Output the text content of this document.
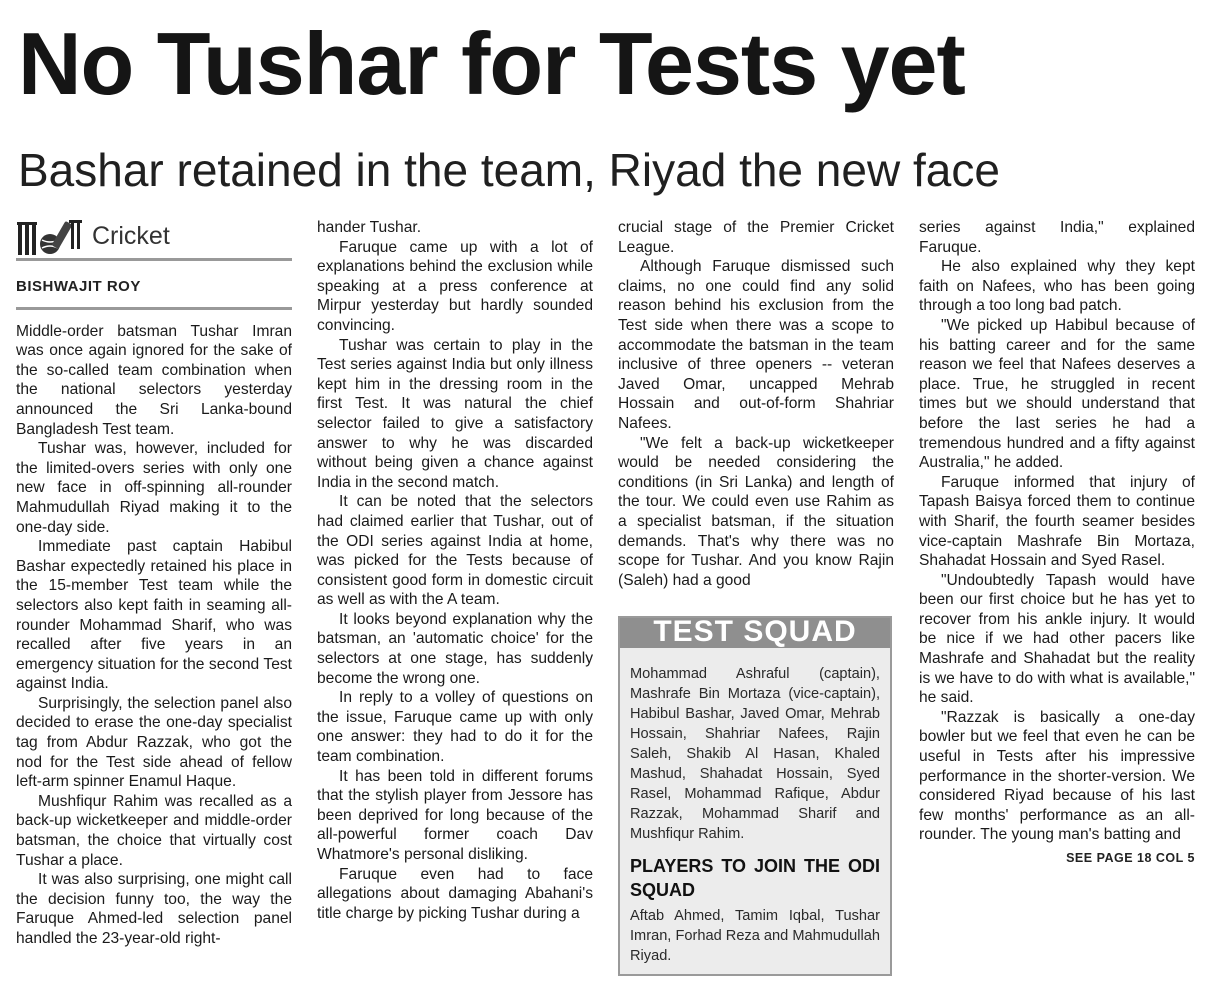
No Tushar for Tests yet
Bashar retained in the team, Riyad the new face
Cricket
BISHWAJIT ROY

Middle-order batsman Tushar Imran was once again ignored for the sake of the so-called team combination when the national selectors yesterday announced the Sri Lanka-bound Bangladesh Test team.

Tushar was, however, included for the limited-overs series with only one new face in off-spinning all-rounder Mahmudullah Riyad making it to the one-day side.

Immediate past captain Habibul Bashar expectedly retained his place in the 15-member Test team while the selectors also kept faith in seaming all-rounder Mohammad Sharif, who was recalled after five years in an emergency situation for the second Test against India.

Surprisingly, the selection panel also decided to erase the one-day specialist tag from Abdur Razzak, who got the nod for the Test side ahead of fellow left-arm spinner Enamul Haque.

Mushfiqur Rahim was recalled as a back-up wicketkeeper and middle-order batsman, the choice that virtually cost Tushar a place.

It was also surprising, one might call the decision funny too, the way the Faruque Ahmed-led selection panel handled the 23-year-old right-

hander Tushar.

Faruque came up with a lot of explanations behind the exclusion while speaking at a press conference at Mirpur yesterday but hardly sounded convincing.

Tushar was certain to play in the Test series against India but only illness kept him in the dressing room in the first Test. It was natural the chief selector failed to give a satisfactory answer to why he was discarded without being given a chance against India in the second match.

It can be noted that the selectors had claimed earlier that Tushar, out of the ODI series against India at home, was picked for the Tests because of consistent good form in domestic circuit as well as with the A team.

It looks beyond explanation why the batsman, an 'automatic choice' for the selectors at one stage, has suddenly become the wrong one.

In reply to a volley of questions on the issue, Faruque came up with only one answer: they had to do it for the team combination.

It has been told in different forums that the stylish player from Jessore has been deprived for long because of the all-powerful former coach Dav Whatmore's personal disliking.

Faruque even had to face allegations about damaging Abahani's title charge by picking Tushar during a

crucial stage of the Premier Cricket League.

Although Faruque dismissed such claims, no one could find any solid reason behind his exclusion from the Test side when there was a scope to accommodate the batsman in the team inclusive of three openers -- veteran Javed Omar, uncapped Mehrab Hossain and out-of-form Shahriar Nafees.

"We felt a back-up wicketkeeper would be needed considering the conditions (in Sri Lanka) and length of the tour. We could even use Rahim as a specialist batsman, if the situation demands. That's why there was no scope for Tushar. And you know Rajin (Saleh) had a good

TEST SQUAD
Mohammad Ashraful (captain), Mashrafe Bin Mortaza (vice-captain), Habibul Bashar, Javed Omar, Mehrab Hossain, Shahriar Nafees, Rajin Saleh, Shakib Al Hasan, Khaled Mashud, Shahadat Hossain, Syed Rasel, Mohammad Rafique, Abdur Razzak, Mohammad Sharif and Mushfiqur Rahim.
PLAYERS TO JOIN THE ODI SQUAD
Aftab Ahmed, Tamim Iqbal, Tushar Imran, Forhad Reza and Mahmudullah Riyad.

series against India," explained Faruque.

He also explained why they kept faith on Nafees, who has been going through a too long bad patch.

"We picked up Habibul because of his batting career and for the same reason we feel that Nafees deserves a place. True, he struggled in recent times but we should understand that before the last series he had a tremendous hundred and a fifty against Australia," he added.

Faruque informed that injury of Tapash Baisya forced them to continue with Sharif, the fourth seamer besides vice-captain Mashrafe Bin Mortaza, Shahadat Hossain and Syed Rasel.

"Undoubtedly Tapash would have been our first choice but he has yet to recover from his ankle injury. It would be nice if we had other pacers like Mashrafe and Shahadat but the reality is we have to do with what is available," he said.

"Razzak is basically a one-day bowler but we feel that even he can be useful in Tests after his impressive performance in the shorter-version. We considered Riyad because of his last few months' performance as an all-rounder. The young man's batting and

SEE PAGE 18 COL 5
